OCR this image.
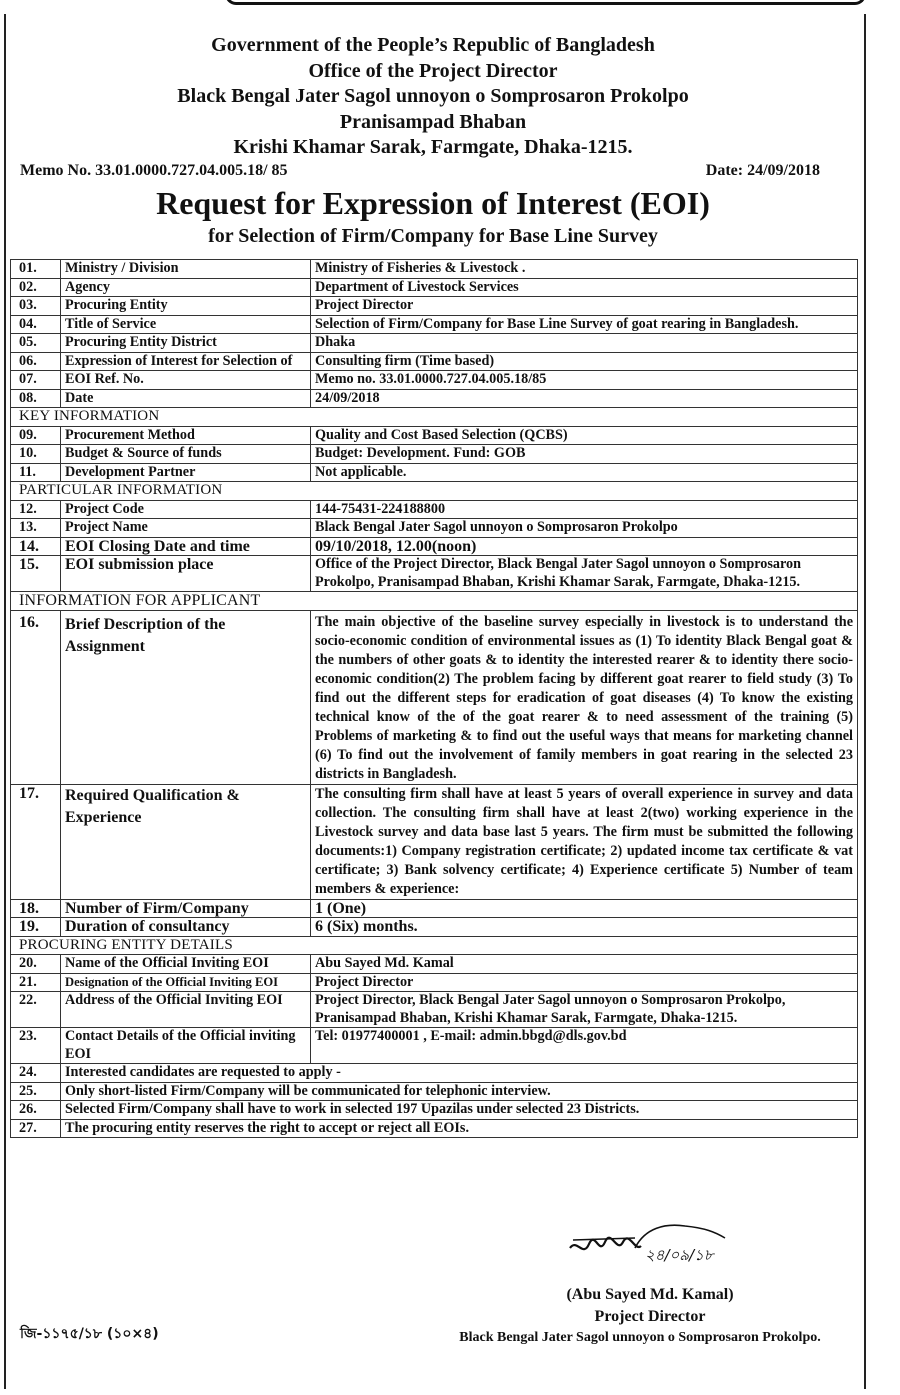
Government of the People’s Republic of Bangladesh
Office of the Project Director
Black Bengal Jater Sagol unnoyon o Somprosaron Prokolpo
Pranisampad Bhaban
Krishi Khamar Sarak, Farmgate, Dhaka-1215.
Memo No. 33.01.0000.727.04.005.18/ 85	Date: 24/09/2018
Request for Expression of Interest (EOI)
for Selection of Firm/Company for Base Line Survey
01.	Ministry / Division	Ministry of Fisheries & Livestock .
02.	Agency	Department of Livestock Services
03.	Procuring Entity	Project Director
04.	Title of Service	Selection of Firm/Company for Base Line Survey of goat rearing in Bangladesh.
05.	Procuring Entity District	Dhaka
06.	Expression of Interest for Selection of	Consulting firm (Time based)
07.	EOI Ref. No.	Memo no. 33.01.0000.727.04.005.18/85
08.	Date	24/09/2018
KEY INFORMATION		
09.	Procurement Method	Quality and Cost Based Selection (QCBS)
10.	Budget & Source of funds	Budget: Development. Fund: GOB
11.	Development Partner	Not applicable.
PARTICULAR INFORMATION		
12.	Project Code	144-75431-224188800
13.	Project Name	Black Bengal Jater Sagol unnoyon o Somprosaron Prokolpo
14.	EOI Closing Date and time	09/10/2018, 12.00(noon)
15.	EOI submission place	Office of the Project Director, Black Bengal Jater Sagol unnoyon o Somprosaron Prokolpo, Pranisampad Bhaban, Krishi Khamar Sarak, Farmgate, Dhaka-1215.
INFORMATION FOR APPLICANT		
16.	Brief Description of the Assignment	The main objective of the baseline survey especially in livestock is to understand the socio-economic condition of environmental issues as (1) To identity Black Bengal goat & the numbers of other goats & to identity the interested rearer & to identity there socio-economic condition(2) The problem facing by different goat rearer to field study (3) To find out the different steps for eradication of goat diseases (4) To know the existing technical know of the of the goat rearer & to need assessment of the training (5) Problems of marketing & to find out the useful ways that means for marketing channel (6) To find out the involvement of family members in goat rearing in the selected 23 districts in Bangladesh.
17.	Required Qualification & Experience	The consulting firm shall have at least 5 years of overall experience in survey and data collection. The consulting firm shall have at least 2(two) working experience in the Livestock survey and data base last 5 years. The firm must be submitted the following documents:1) Company registration certificate; 2) updated income tax certificate & vat certificate; 3) Bank solvency certificate; 4) Experience certificate 5) Number of team members & experience:
18.	Number of Firm/Company	1 (One)
19.	Duration of consultancy	6 (Six) months.
PROCURING ENTITY DETAILS		
20.	Name of the Official Inviting EOI	Abu Sayed Md. Kamal
21.	Designation of the Official Inviting EOI	Project Director
22.	Address of the Official Inviting EOI	Project Director, Black Bengal Jater Sagol unnoyon o Somprosaron Prokolpo, Pranisampad Bhaban, Krishi Khamar Sarak, Farmgate, Dhaka-1215.
23.	Contact Details of the Official inviting EOI	Tel: 01977400001 , E-mail: admin.bbgd@dls.gov.bd
24.	Interested candidates are requested to apply -	
25.	Only short-listed Firm/Company will be communicated for telephonic interview.	
26.	Selected Firm/Company shall have to work in selected 197 Upazilas under selected 23 Districts.	
27.	The procuring entity reserves the right to accept or reject all EOIs.	
২৪/০৯/১৮
(Abu Sayed Md. Kamal)
Project Director
Black Bengal Jater Sagol unnoyon o Somprosaron Prokolpo.
জি-১১৭৫/১৮ (১০×৪)
